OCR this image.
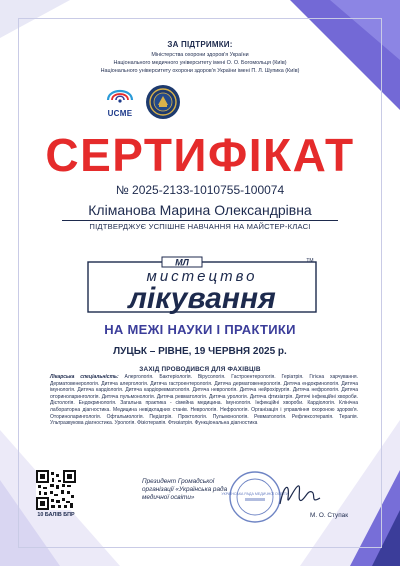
ЗА ПІДТРИМКИ:
Міністерства охорони здоров'я України
Національного медичного університету імені О. О. Богомольця (Київ)
Національного університету охорони здоров'я України імені П. Л. Шупика (Київ)
UCME
СЕРТИФІКАТ
№ 2025-2133-1010755-100074
Кліманова Марина Олександрівна
ПІДТВЕРДЖУЄ УСПІШНЕ НАВЧАННЯ НА МАЙСТЕР-КЛАСІ
МЛ	TM
мистецтво
лікування
НА МЕЖІ НАУКИ І ПРАКТИКИ
ЛУЦЬК – РІВНЕ, 19 ЧЕРВНЯ 2025 р.
ЗАХІД ПРОВОДИВСЯ ДЛЯ ФАХІВЦІВ
Лікарська спеціальність: Алергологія. Бактеріологія. Вірусологія. Гастроентерологія. Геріатрія. Гігієна харчування. Дерматовенерологія. Дитяча алергологія. Дитяча гастроентерологія. Дитяча дерматовенерологія. Дитяча ендокринологія. Дитяча імунологія. Дитяча кардіологія. Дитяча кардіоревматологія. Дитяча неврологія. Дитяча нейрохірургія. Дитяча нефрологія. Дитяча оториноларингологія. Дитяча пульмонологія. Дитяча ревматологія. Дитяча урологія. Дитяча фтизіатрія. Дитячі інфекційні хвороби. Дієтологія. Ендокринологія. Загальна практика - сімейна медицина. Імунологія. Інфекційні хвороби. Кардіологія. Клінічна лабораторна діагностика. Медицина невідкладних станів. Неврологія. Нефрологія. Організація і управління охороною здоров'я. Оториноларингологія. Офтальмологія. Педіатрія. Проктологія. Пульмонологія. Ревматологія. Рефлексотерапія. Терапія. Ультразвукова діагностика. Урологія. Фізіотерапія. Фтизіатрія. Функціональна діагностика
10 БАЛІВ БПР
Президент Громадської організації «Українська рада медичної освіти»	УКРАЇНСЬКА РАДА МЕДИЧНОЇ ОСВІТИ
М. О. Ступак
